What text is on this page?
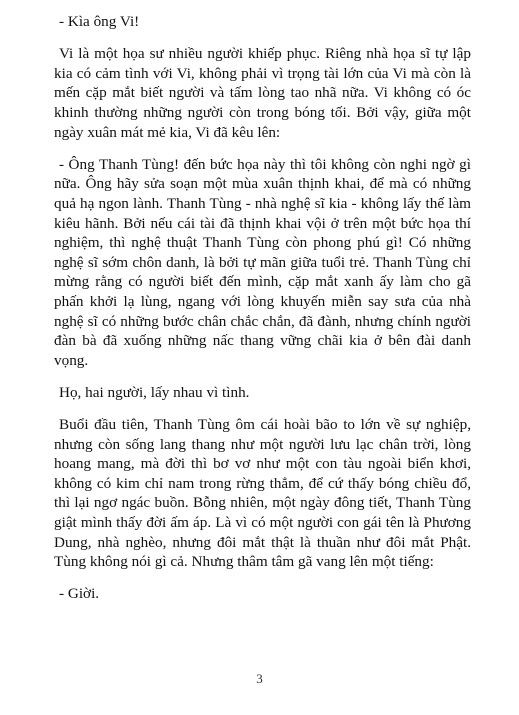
- Kìa ông Vi!

Vi là một họa sư nhiều người khiếp phục. Riêng nhà họa sĩ tự lập kia có cảm tình với Vi, không phải vì trọng tài lớn của Vi mà còn là mến cặp mắt biết người và tấm lòng tao nhã nữa. Vi không có óc khinh thường những người còn trong bóng tối. Bởi vậy, giữa một ngày xuân mát mẻ kia, Vi đã kêu lên:

- Ông Thanh Tùng! đến bức họa này thì tôi không còn nghi ngờ gì nữa. Ông hãy sửa soạn một mùa xuân thịnh khai, để mà có những quả hạ ngon lành. Thanh Tùng - nhà nghệ sĩ kia - không lấy thế làm kiêu hãnh. Bởi nếu cái tài đã thịnh khai vội ở trên một bức họa thí nghiệm, thì nghệ thuật Thanh Tùng còn phong phú gì! Có những nghệ sĩ sớm chôn danh, là bởi tự mãn giữa tuổi trẻ. Thanh Tùng chỉ mừng rằng có người biết đến mình, cặp mắt xanh ấy làm cho gã phấn khởi lạ lùng, ngang với lòng khuyến miễn say sưa của nhà nghệ sĩ có những bước chân chắc chắn, đã đành, nhưng chính người đàn bà đã xuống những nấc thang vững chãi kia ở bên đài danh vọng.

Họ, hai người, lấy nhau vì tình.

Buổi đầu tiên, Thanh Tùng ôm cái hoài bão to lớn về sự nghiệp, nhưng còn sống lang thang như một người lưu lạc chân trời, lòng hoang mang, mà đời thì bơ vơ như một con tàu ngoài biển khơi, không có kim chỉ nam trong rừng thẳm, để cứ thấy bóng chiều đổ, thì lại ngơ ngác buồn. Bỗng nhiên, một ngày đông tiết, Thanh Tùng giật mình thấy đời ấm áp. Là vì có một người con gái tên là Phương Dung, nhà nghèo, nhưng đôi mắt thật là thuần như đôi mắt Phật. Tùng không nói gì cả. Nhưng thâm tâm gã vang lên một tiếng:

- Giời.

3
